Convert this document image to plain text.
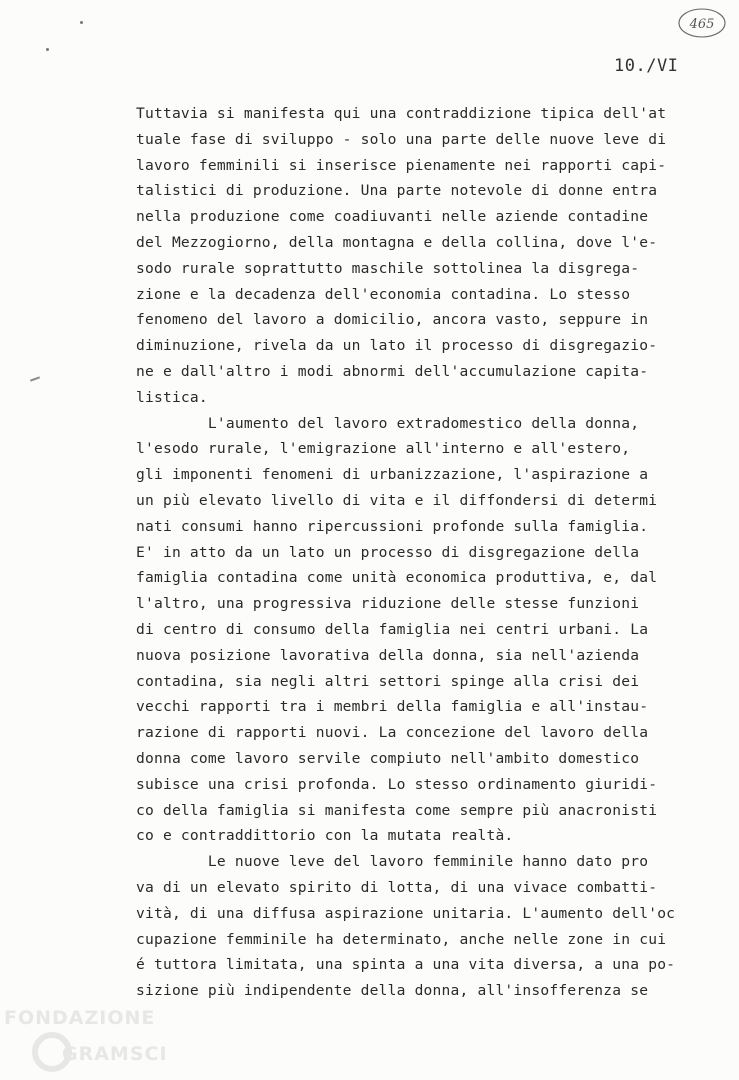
465
10./VI
Tuttavia si manifesta qui una contraddizione tipica dell'at
tuale fase di sviluppo - solo una parte delle nuove leve di
lavoro femminili si inserisce pienamente nei rapporti capi-
talistici di produzione. Una parte notevole di donne entra
nella produzione come coadiuvanti nelle aziende contadine
del Mezzogiorno, della montagna e della collina, dove l'e-
sodo rurale soprattutto maschile sottolinea la disgrega-
zione e la decadenza dell'economia contadina. Lo stesso
fenomeno del lavoro a domicilio, ancora vasto, seppure in
diminuzione, rivela da un lato il processo di disgregazio-
ne e dall'altro i modi abnormi dell'accumulazione capita-
listica.
L'aumento del lavoro extradomestico della donna,
l'esodo rurale, l'emigrazione all'interno e all'estero,
gli imponenti fenomeni di urbanizzazione, l'aspirazione a
un più elevato livello di vita e il diffondersi di determi
nati consumi hanno ripercussioni profonde sulla famiglia.
E' in atto da un lato un processo di disgregazione della
famiglia contadina come unità economica produttiva, e, dal
l'altro, una progressiva riduzione delle stesse funzioni
di centro di consumo della famiglia nei centri urbani. La
nuova posizione lavorativa della donna, sia nell'azienda
contadina, sia negli altri settori spinge alla crisi dei
vecchi rapporti tra i membri della famiglia e all'instau-
razione di rapporti nuovi. La concezione del lavoro della
donna come lavoro servile compiuto nell'ambito domestico
subisce una crisi profonda. Lo stesso ordinamento giuridi-
co della famiglia si manifesta come sempre più anacronisti
co e contraddittorio con la mutata realtà.
Le nuove leve del lavoro femminile hanno dato pro
va di un elevato spirito di lotta, di una vivace combatti-
vità, di una diffusa aspirazione unitaria. L'aumento dell'oc
cupazione femminile ha determinato, anche nelle zone in cui
é tuttora limitata, una spinta a una vita diversa, a una po-
sizione più indipendente della donna, all'insofferenza se
FONDAZIONE
GRAMSCI
